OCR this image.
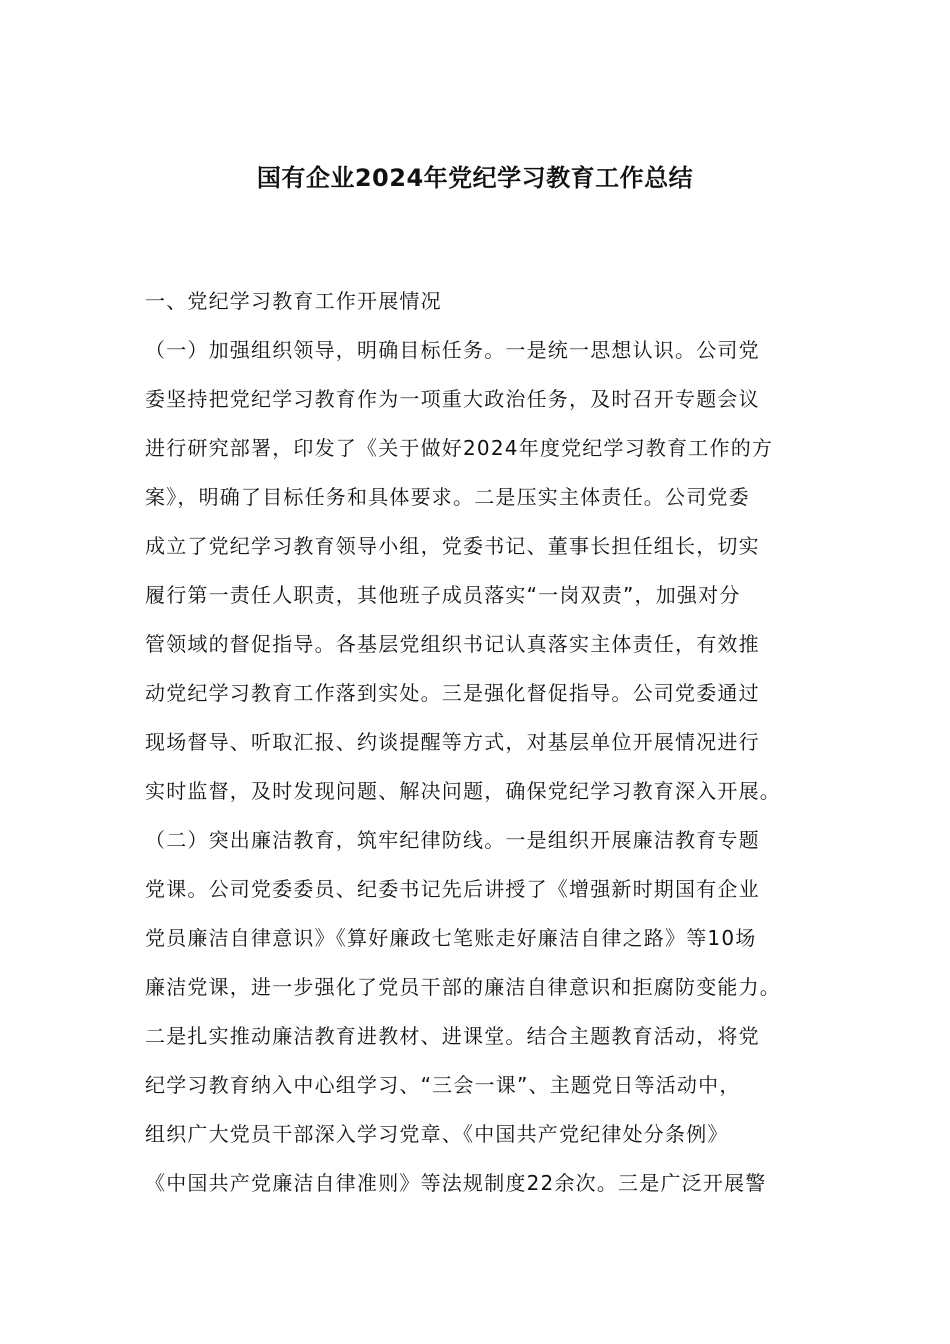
国有企业2024年党纪学习教育工作总结
一、党纪学习教育工作开展情况
（一）加强组织领导，明确目标任务。一是统一思想认识。公司党
委坚持把党纪学习教育作为一项重大政治任务，及时召开专题会议
进行研究部署，印发了《关于做好2024年度党纪学习教育工作的方
案》，明确了目标任务和具体要求。二是压实主体责任。公司党委
成立了党纪学习教育领导小组，党委书记、董事长担任组长，切实
履行第一责任人职责，其他班子成员落实“一岗双责”，加强对分
管领域的督促指导。各基层党组织书记认真落实主体责任，有效推
动党纪学习教育工作落到实处。三是强化督促指导。公司党委通过
现场督导、听取汇报、约谈提醒等方式，对基层单位开展情况进行
实时监督，及时发现问题、解决问题，确保党纪学习教育深入开展。
（二）突出廉洁教育，筑牢纪律防线。一是组织开展廉洁教育专题
党课。公司党委委员、纪委书记先后讲授了《增强新时期国有企业
党员廉洁自律意识》《算好廉政七笔账走好廉洁自律之路》等10场
廉洁党课，进一步强化了党员干部的廉洁自律意识和拒腐防变能力。
二是扎实推动廉洁教育进教材、进课堂。结合主题教育活动，将党
纪学习教育纳入中心组学习、“三会一课”、主题党日等活动中，
组织广大党员干部深入学习党章、《中国共产党纪律处分条例》
《中国共产党廉洁自律准则》等法规制度22余次。三是广泛开展警
